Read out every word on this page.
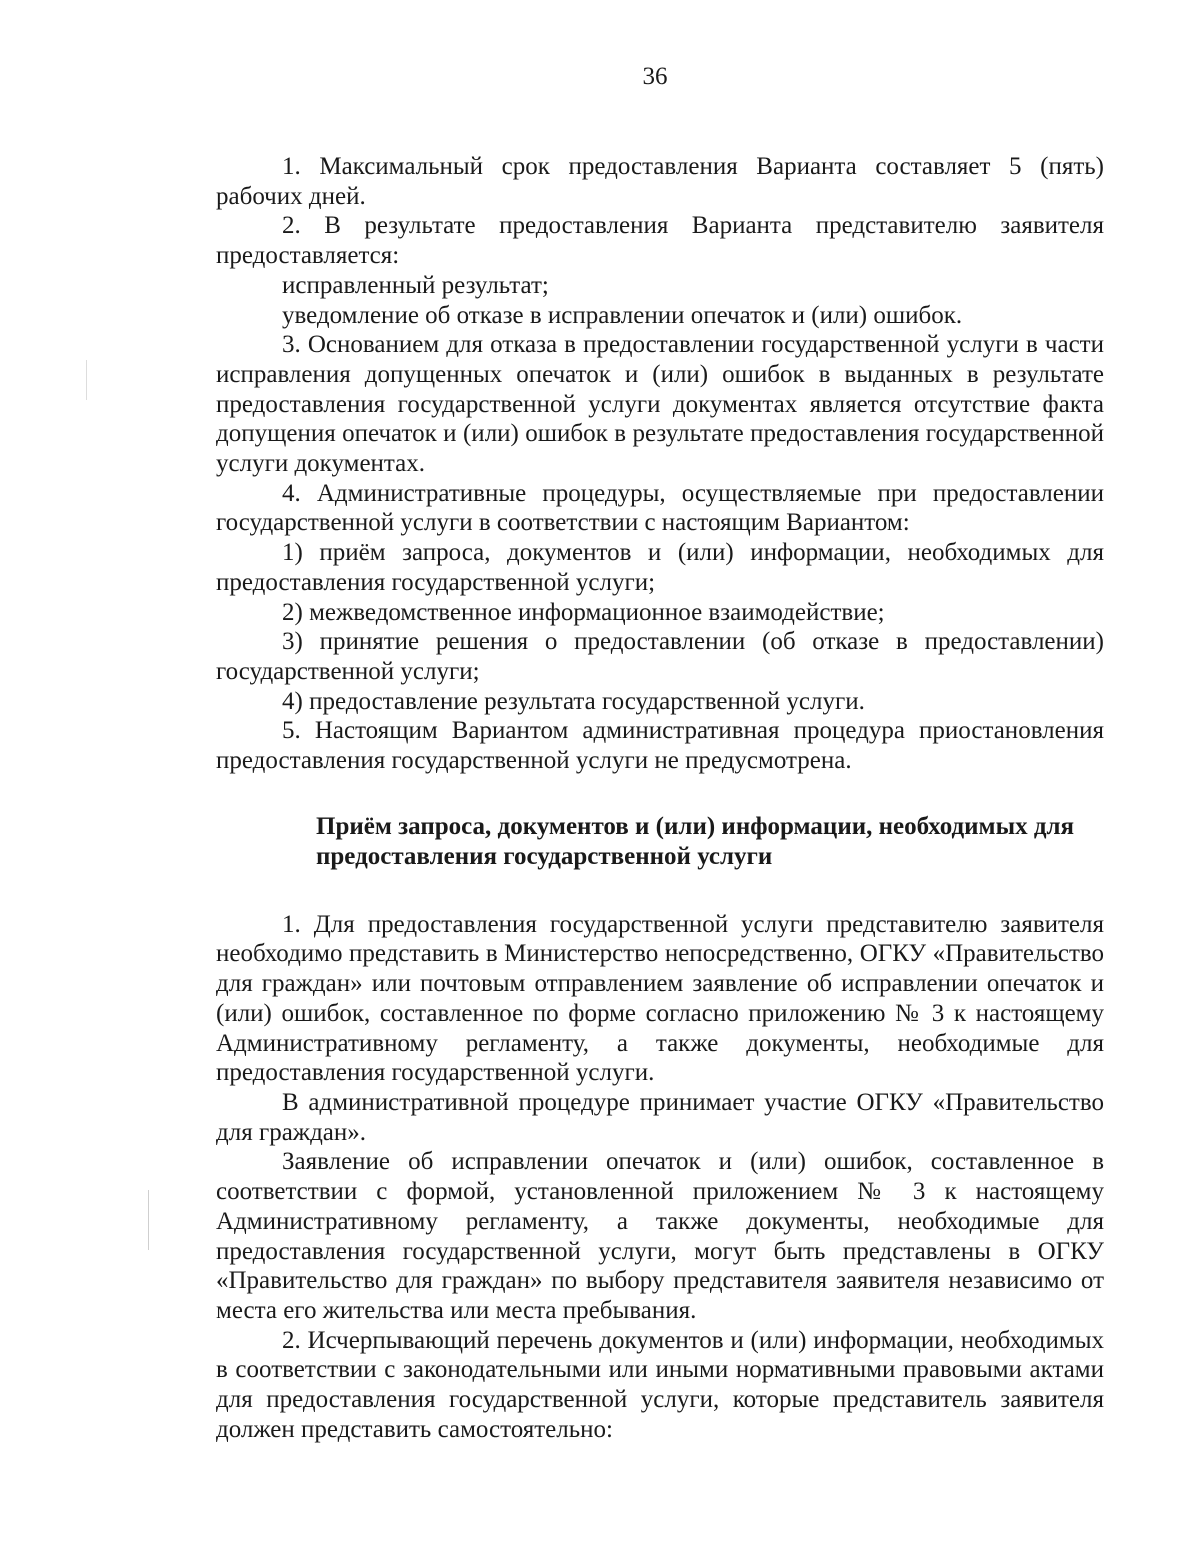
36

1. Максимальный срок предоставления Варианта составляет 5 (пять) рабочих дней.

2. В результате предоставления Варианта представителю заявителя предоставляется:

исправленный результат;

уведомление об отказе в исправлении опечаток и (или) ошибок.

3. Основанием для отказа в предоставлении государственной услуги в части исправления допущенных опечаток и (или) ошибок в выданных в результате предоставления государственной услуги документах является отсутствие факта допущения опечаток и (или) ошибок в результате предоставления государственной услуги документах.

4. Административные процедуры, осуществляемые при предоставлении государственной услуги в соответствии с настоящим Вариантом:

1) приём запроса, документов и (или) информации, необходимых для предоставления государственной услуги;

2) межведомственное информационное взаимодействие;

3) принятие решения о предоставлении (об отказе в предоставлении) государственной услуги;

4) предоставление результата государственной услуги.

5. Настоящим Вариантом административная процедура приостановления предоставления государственной услуги не предусмотрена.

Приём запроса, документов и (или) информации, необходимых для
предоставления государственной услуги

1. Для предоставления государственной услуги представителю заявителя необходимо представить в Министерство непосредственно, ОГКУ «Правительство для граждан» или почтовым отправлением заявление об исправлении опечаток и (или) ошибок, составленное по форме согласно приложению № 3 к настоящему Административному регламенту, а также документы, необходимые для предоставления государственной услуги.

В административной процедуре принимает участие ОГКУ «Правительство для граждан».

Заявление об исправлении опечаток и (или) ошибок, составленное в соответствии с формой, установленной приложением № 3 к настоящему Административному регламенту, а также документы, необходимые для предоставления государственной услуги, могут быть представлены в ОГКУ «Правительство для граждан» по выбору представителя заявителя независимо от места его жительства или места пребывания.

2. Исчерпывающий перечень документов и (или) информации, необходимых в соответствии с законодательными или иными нормативными правовыми актами для предоставления государственной услуги, которые представитель заявителя должен представить самостоятельно:
